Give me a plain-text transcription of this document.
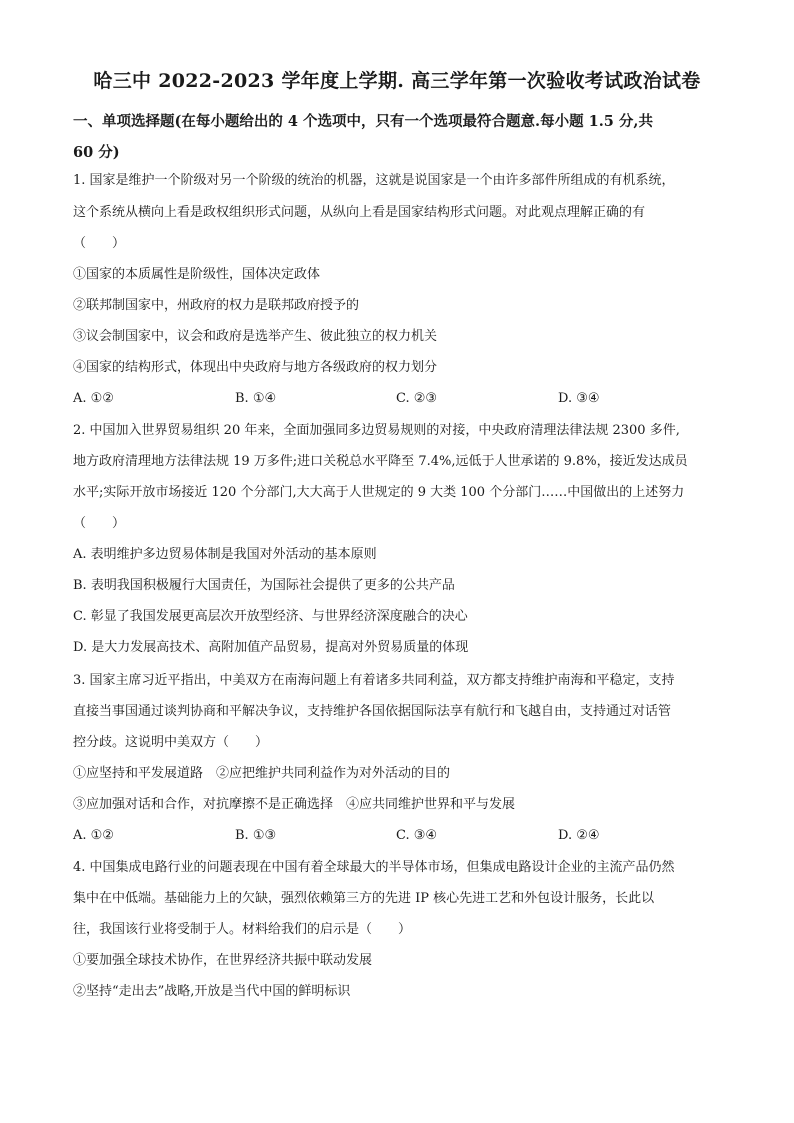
哈三中 2022-2023 学年度上学期. 高三学年第一次验收考试政治试卷
一、单项选择题(在每小题给出的 4 个选项中，只有一个选项最符合题意.每小题 1.5 分,共
60 分)
1. 国家是维护一个阶级对另一个阶级的统治的机器，这就是说国家是一个由许多部件所组成的有机系统，
这个系统从横向上看是政权组织形式问题，从纵向上看是国家结构形式问题。对此观点理解正确的有
（　　）
①国家的本质属性是阶级性，国体决定政体
②联邦制国家中，州政府的权力是联邦政府授予的
③议会制国家中，议会和政府是选举产生、彼此独立的权力机关
④国家的结构形式，体现出中央政府与地方各级政府的权力划分
A. ①②	B. ①④	C. ②③	D. ③④
2. 中国加入世界贸易组织 20 年来，全面加强同多边贸易规则的对接，中央政府清理法律法规 2300 多件,
地方政府清理地方法律法规 19 万多件;进口关税总水平降至 7.4%,远低于人世承诺的 9.8%，接近发达成员
水平;实际开放市场接近 120 个分部门,大大高于人世规定的 9 大类 100 个分部门……中国做出的上述努力
（　　）
A. 表明维护多边贸易体制是我国对外活动的基本原则
B. 表明我国积极履行大国责任，为国际社会提供了更多的公共产品
C. 彰显了我国发展更高层次开放型经济、与世界经济深度融合的决心
D. 是大力发展高技术、高附加值产品贸易，提高对外贸易质量的体现
3. 国家主席习近平指出，中美双方在南海问题上有着诸多共同利益，双方都支持维护南海和平稳定，支持
直接当事国通过谈判协商和平解决争议，支持维护各国依据国际法享有航行和飞越自由，支持通过对话管
控分歧。这说明中美双方（　　）
①应坚持和平发展道路　②应把维护共同利益作为对外活动的目的
③应加强对话和合作，对抗摩擦不是正确选择　④应共同维护世界和平与发展
A. ①②	B. ①③	C. ③④	D. ②④
4. 中国集成电路行业的问题表现在中国有着全球最大的半导体市场，但集成电路设计企业的主流产品仍然
集中在中低端。基础能力上的欠缺，强烈依赖第三方的先进 IP 核心先进工艺和外包设计服务，长此以
往，我国该行业将受制于人。材料给我们的启示是（　　）
①要加强全球技术协作，在世界经济共振中联动发展
②坚持“走出去”战略,开放是当代中国的鲜明标识
